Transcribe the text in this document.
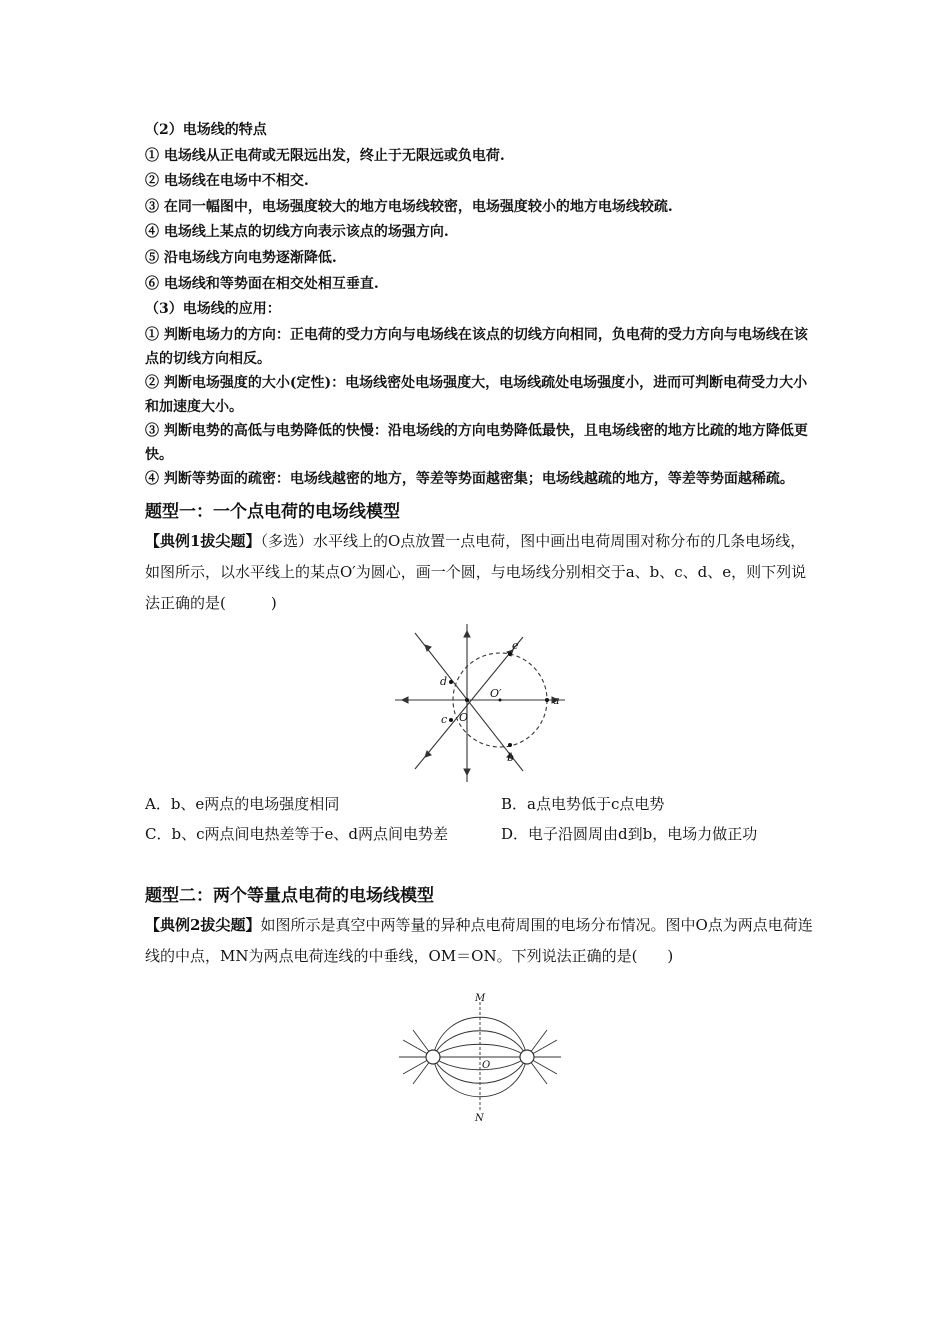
（2）电场线的特点

① 电场线从正电荷或无限远出发，终止于无限远或负电荷.

② 电场线在电场中不相交.

③ 在同一幅图中，电场强度较大的地方电场线较密，电场强度较小的地方电场线较疏.

④ 电场线上某点的切线方向表示该点的场强方向.

⑤ 沿电场线方向电势逐渐降低.

⑥ 电场线和等势面在相交处相互垂直.

（3）电场线的应用：

① 判断电场力的方向：正电荷的受力方向与电场线在该点的切线方向相同，负电荷的受力方向与电场线在该点的切线方向相反。

② 判断电场强度的大小(定性)：电场线密处电场强度大，电场线疏处电场强度小，进而可判断电荷受力大小和加速度大小。

③ 判断电势的高低与电势降低的快慢：沿电场线的方向电势降低最快，且电场线密的地方比疏的地方降低更快。

④ 判断等势面的疏密：电场线越密的地方，等差等势面越密集；电场线越疏的地方，等差等势面越稀疏。

题型一：一个点电荷的电场线模型

【典例1拔尖题】（多选）水平线上的O点放置一点电荷，图中画出电荷周围对称分布的几条电场线，如图所示，以水平线上的某点O′为圆心，画一个圆，与电场线分别相交于a、b、c、d、e，则下列说法正确的是(　　　)

e
d
O′
a
c O
b
A．b、e两点的电场强度相同	B．a点电势低于c点电势
C．b、c两点间电热差等于e、d两点间电势差	D．电子沿圆周由d到b，电场力做正功
题型二：两个等量点电荷的电场线模型

【典例2拔尖题】如图所示是真空中两等量的异种点电荷周围的电场分布情况。图中O点为两点电荷连线的中点，MN为两点电荷连线的中垂线，OM＝ON。下列说法正确的是(　　)

M
O
N
